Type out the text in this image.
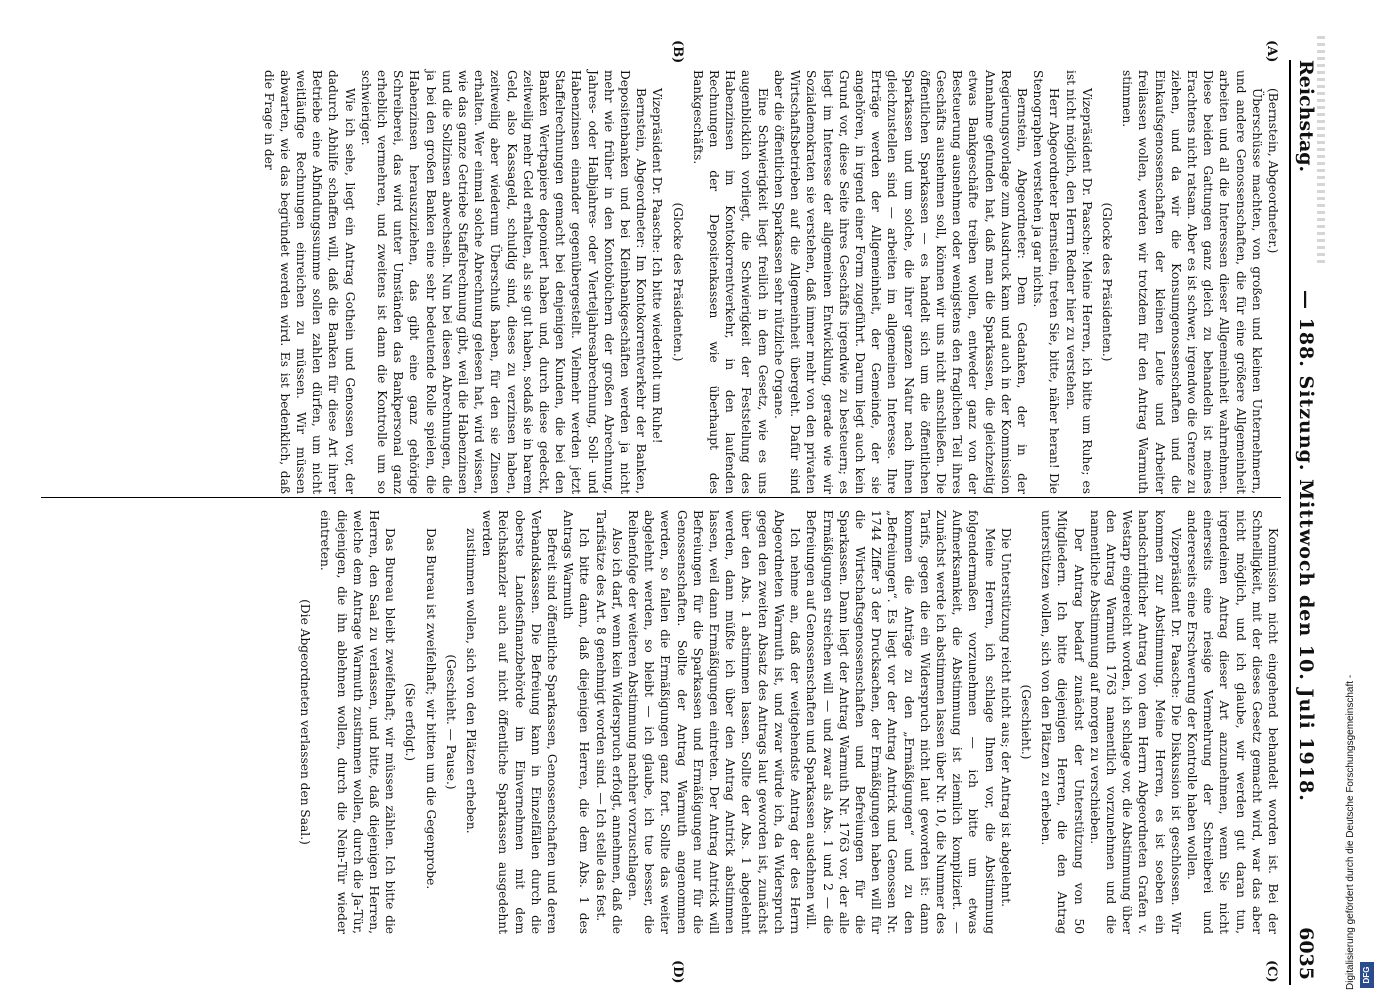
Reichstag.
— 188. Sitzung. Mittwoch den 10. Juli 1918.
6035
(A)
(B)
(C)
(D)

(Bernstein, Abgeordneter.)

Überschüsse machten, von großen und kleinen Unternehmern, und andere Genossenschaften, die für eine größere Allgemeinheit arbeiten und all die Interessen dieser Allgemeinheit wahrnehmen. Diese beiden Gattungen ganz gleich zu behandeln ist meines Erachtens nicht ratsam. Aber es ist schwer, irgendwo die Grenze zu ziehen, und da wir die Konsumgenossenschaften und die Einkaufsgenossenschaften der kleinen Leute und Arbeiter freilassen wollen, werden wir trotzdem für den Antrag Warmuth stimmen.

(Glocke des Präsidenten.)

Vizepräsident Dr. Paasche: Meine Herren, ich bitte um Ruhe; es ist nicht möglich, den Herrn Redner hier zu verstehen.

Herr Abgeordneter Bernstein, treten Sie, bitte, näher heran! Die Stenographen verstehen ja gar nichts.

Bernstein, Abgeordneter: Dem Gedanken, der in der Regierungsvorlage zum Ausdruck kam und auch in der Kommission Annahme gefunden hat, daß man die Sparkassen, die gleichzeitig etwas Bankgeschäfte treiben wollen, entweder ganz von der Besteuerung ausnehmen oder wenigstens den fraglichen Teil ihres Geschäfts ausnehmen soll, können wir uns nicht anschließen. Die öffentlichen Sparkassen — es handelt sich um die öffentlichen Sparkassen und um solche, die ihrer ganzen Natur nach ihnen gleichzustellen sind — arbeiten im allgemeinen Interesse. Ihre Erträge werden der Allgemeinheit, der Gemeinde, der sie angehören, in irgend einer Form zugeführt. Darum liegt auch kein Grund vor, diese Seite ihres Geschäfts irgendwie zu besteuern; es liegt im Interesse der allgemeinen Entwicklung, gerade wie wir Sozialdemokraten sie verstehen, daß immer mehr von den privaten Wirtschaftsbetrieben auf die Allgemeinheit übergeht. Dafür sind aber die öffentlichen Sparkassen sehr nützliche Organe.

Eine Schwierigkeit liegt freilich in dem Gesetz, wie es uns augenblicklich vorliegt, die Schwierigkeit der Feststellung des Habenzinsen im Kontokorrentverkehr, in den laufenden Rechnungen der Depositenkassen wie überhaupt des Bankgeschäfts.

(Glocke des Präsidenten.)

Vizepräsident Dr. Paasche: Ich bitte wiederholt um Ruhe!

Bernstein, Abgeordneter: Im Kontokorrentverkehr der Banken, Depositenbanken und bei Kleinbankgeschäften werden ja nicht mehr wie früher in den Kontobüchern der großen Abrechnung, Jahres- oder Halbjahres- oder Vierteljahresabrechnung, Soll- und Habenzinsen einander gegenübergestellt. Vielmehr werden jetzt Staffelrechnungen gemacht bei denjenigen Kunden, die bei den Banken Wertpapiere deponiert haben und, durch diese gedeckt, zeitweilig mehr Geld erhalten, als sie gut haben, sodaß sie in barem Geld, also Kassageld, schuldig sind, dieses zu verzinsen haben, zeitweilig aber wiederum Überschuß haben, für den sie Zinsen erhalten. Wer einmal solche Abrechnung gelesen hat, wird wissen, wie das ganze Getriebe Staffelrechnung gibt, weil die Habenzinsen und die Sollzinsen abwechseln. Nun bei diesen Abrechnungen, die ja bei den großen Banken eine sehr bedeutende Rolle spielen, die Habenzinsen herauszuziehen, das gibt eine ganz gehörige Schreiberei, das wird unter Umständen das Bankpersonal ganz erheblich vermehren, und zweitens ist dann die Kontrolle um so schwieriger.

Wie ich sehe, liegt ein Antrag Gothein und Genossen vor, der dadurch Abhilfe schaffen will, daß die Banken für diese Art ihrer Betriebe eine Abfindungssumme sollen zahlen dürfen, um nicht weitläufige Rechnungen einreichen zu müssen. Wir müssen abwarten, wie das begründet werden wird. Es ist bedenklich, daß die Frage in der

Kommission nicht eingehend behandelt worden ist. Bei der Schnelligkeit, mit der dieses Gesetz gemacht wird, war das aber nicht möglich, und ich glaube, wir werden gut daran tun, irgendeinen Antrag dieser Art anzunehmen, wenn Sie nicht einerseits eine riesige Vermehrung der Schreiberei und andererseits eine Erschwerung der Kontrolle haben wollen.

Vizepräsident Dr. Paasche: Die Diskussion ist geschlossen. Wir kommen zur Abstimmung. Meine Herren, es ist soeben ein handschriftlicher Antrag von dem Herrn Abgeordneten Grafen v. Westarp eingereicht worden, ich schlage vor, die Abstimmung über den Antrag Warmuth 1763 namentlich vorzunehmen und die namentliche Abstimmung auf morgen zu verschieben.

Der Antrag bedarf zunächst der Unterstützung von 50 Mitgliedern. Ich bitte diejenigen Herren, die den Antrag unterstützen wollen, sich von den Plätzen zu erheben.

(Geschieht.)

Die Unterstützung reicht nicht aus; der Antrag ist abgelehnt.

Meine Herren, ich schlage Ihnen vor, die Abstimmung folgendermaßen vorzunehmen — ich bitte um etwas Aufmerksamkeit, die Abstimmung ist ziemlich kompliziert. — Zunächst werde ich abstimmen lassen über Nr. 10, die Nummer des Tarifs, gegen die ein Widerspruch nicht laut geworden ist: dann kommen die Anträge zu den „Ermäßigungen“ und zu den „Befreiungen“. Es liegt vor der Antrag Antrick und Genossen Nr. 1744 Ziffer 3 der Drucksachen, der Ermäßigungen haben will für die Wirtschaftsgenossenschaften und Befreiungen für die Sparkassen. Dann liegt der Antrag Warmuth Nr. 1763 vor, der alle Ermäßigungen streichen will — und zwar als Abs. 1 und 2 — die Befreiungen auf Genossenschaften und Sparkassen ausdehnen will.

Ich nehme an, daß der weitgehendste Antrag der des Herrn Abgeordneten Warmuth ist, und zwar würde ich, da Widerspruch gegen den zweiten Absatz des Antrags laut geworden ist, zunächst über den Abs. 1 abstimmen lassen. Sollte der Abs. 1 abgelehnt werden, dann müßte ich über den Antrag Antrick abstimmen lassen, weil dann Ermäßigungen eintreten. Der Antrag Antrick will Befreiungen für die Sparkassen und Ermäßigungen nur für die Genossenschaften. Sollte der Antrag Warmuth angenommen werden, so fallen die Ermäßigungen ganz fort. Sollte das weiter abgelehnt werden, so bleibt — ich glaube, ich tue besser, die Reihenfolge der weiteren Abstimmung nachher vorzuschlagen.

Also ich darf, wenn kein Widerspruch erfolgt, annehmen, daß die Tarifsätze des Art. 8 genehmigt worden sind. — Ich stelle das fest.

Ich bitte dann, daß diejenigen Herren, die dem Abs. 1 des Antrags Warmuth

Befreit sind öffentliche Sparkassen, Genossenschaften und deren Verbandskassen. Die Befreiung kann in Einzelfällen durch die oberste Landesfinanzbehörde im Einvernehmen mit dem Reichskanzler auch auf nicht öffentliche Sparkassen ausgedehnt werden

zustimmen wollen, sich von den Plätzen erheben.

(Geschieht. — Pause.)

Das Bureau ist zweifelhaft; wir bitten um die Gegenprobe.

(Sie erfolgt.)

Das Bureau bleibt zweifelhaft; wir müssen zählen. Ich bitte die Herren, den Saal zu verlassen, und bitte, daß diejenigen Herren, welche dem Antrage Warmuth zustimmen wollen, durch die Ja-Tür, diejenigen, die ihn ablehnen wollen, durch die Nein-Tür wieder eintreten.

(Die Abgeordneten verlassen den Saal.)	Digitalisierung gefördert durch die Deutsche Forschungsgemeinschaft - DFG
